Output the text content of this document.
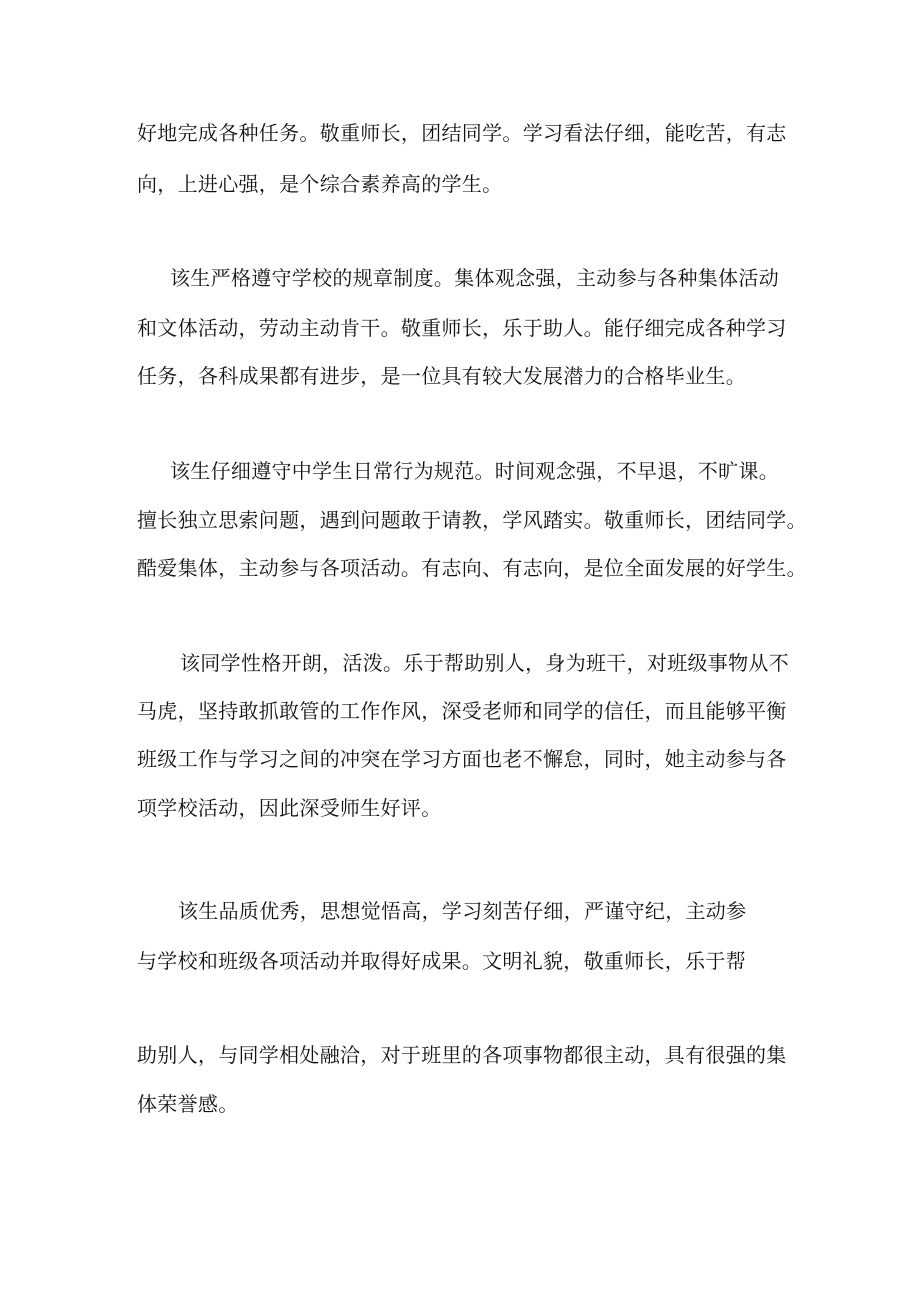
好地完成各种任务。敬重师长，团结同学。学习看法仔细，能吃苦，有志
向，上进心强，是个综合素养高的学生。
该生严格遵守学校的规章制度。集体观念强，主动参与各种集体活动
和文体活动，劳动主动肯干。敬重师长，乐于助人。能仔细完成各种学习
任务，各科成果都有进步，是一位具有较大发展潜力的合格毕业生。
该生仔细遵守中学生日常行为规范。时间观念强，不早退，不旷课。
擅长独立思索问题，遇到问题敢于请教，学风踏实。敬重师长，团结同学。
酷爱集体，主动参与各项活动。有志向、有志向，是位全面发展的好学生。
该同学性格开朗，活泼。乐于帮助别人，身为班干，对班级事物从不
马虎，坚持敢抓敢管的工作作风，深受老师和同学的信任，而且能够平衡
班级工作与学习之间的冲突在学习方面也老不懈怠，同时，她主动参与各
项学校活动，因此深受师生好评。
该生品质优秀，思想觉悟高，学习刻苦仔细，严谨守纪，主动参
与学校和班级各项活动并取得好成果。文明礼貌，敬重师长，乐于帮
助别人，与同学相处融洽，对于班里的各项事物都很主动，具有很强的集
体荣誉感。
